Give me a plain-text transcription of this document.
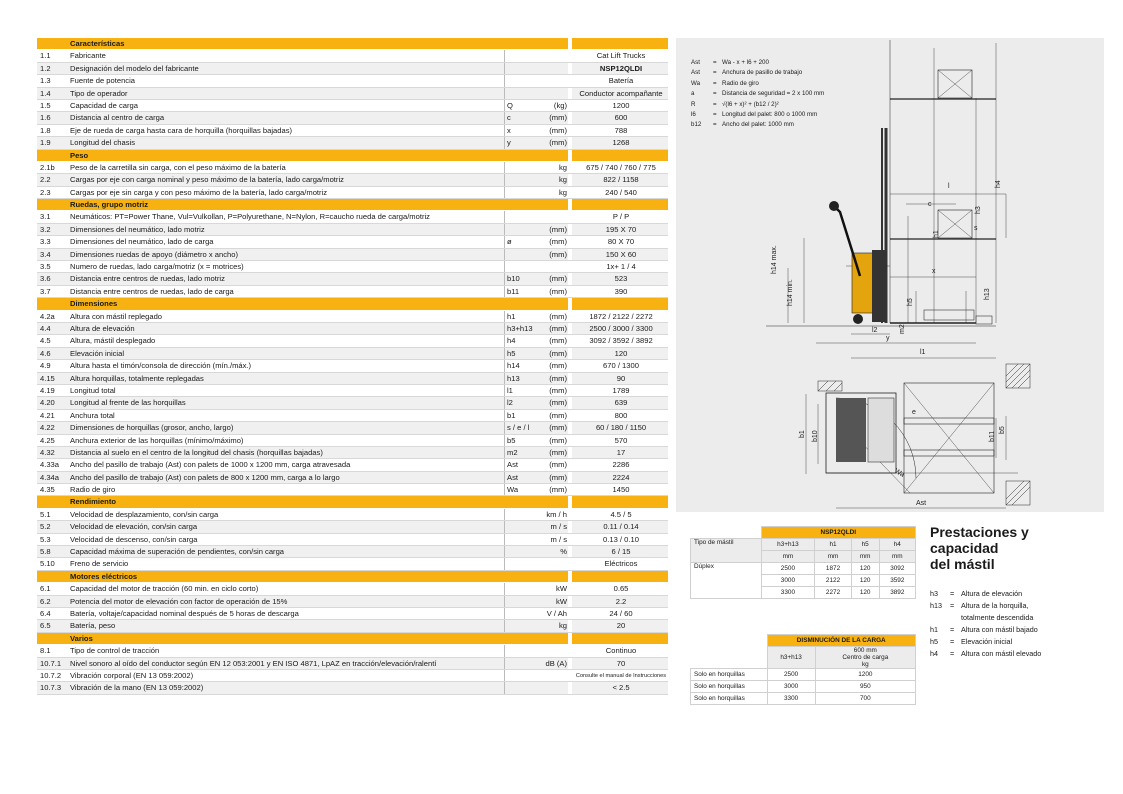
Características
1.1	Fabricante	Cat Lift Trucks
1.2	Designación del modelo del fabricante	NSP12QLDI
1.3	Fuente de potencia	Batería
1.4	Tipo de operador	Conductor acompañante
1.5	Capacidad de carga	Q	(kg)	1200
1.6	Distancia al centro de carga	c	(mm)	600
1.8	Eje de rueda de carga hasta cara de horquilla (horquillas bajadas)	x	(mm)	788
1.9	Longitud del chasis	y	(mm)	1268
Peso
2.1b	Peso de la carretilla sin carga, con el peso máximo de la batería	kg	675 / 740 / 760 / 775
2.2	Cargas por eje con carga nominal y peso máximo de la batería, lado carga/motriz	kg	822 / 1158
2.3	Cargas por eje sin carga y con peso máximo de la batería, lado carga/motriz	kg	240 / 540
Ruedas, grupo motriz
3.1	Neumáticos: PT=Power Thane, Vul=Vulkollan, P=Polyurethane, N=Nylon, R=caucho rueda de carga/motriz	P / P
3.2	Dimensiones del neumático, lado motriz	(mm)	195 X 70
3.3	Dimensiones del neumático, lado de carga	ø	(mm)	80 X 70
3.4	Dimensiones ruedas de apoyo (diámetro x ancho)	(mm)	150 X 60
3.5	Numero de ruedas, lado carga/motriz (x = motrices)	1x+ 1 / 4
3.6	Distancia entre centros de ruedas, lado motriz	b10	(mm)	523
3.7	Distancia entre centros de ruedas, lado de carga	b11	(mm)	390
Dimensiones
4.2a	Altura con mástil replegado	h1	(mm)	1872 / 2122 / 2272
4.4	Altura de elevación	h3+h13	(mm)	2500 / 3000 / 3300
4.5	Altura, mástil desplegado	h4	(mm)	3092 / 3592 / 3892
4.6	Elevación inicial	h5	(mm)	120
4.9	Altura hasta el timón/consola de dirección (mín./máx.)	h14	(mm)	670 / 1300
4.15	Altura horquillas, totalmente replegadas	h13	(mm)	90
4.19	Longitud total	l1	(mm)	1789
4.20	Longitud al frente de las horquillas	l2	(mm)	639
4.21	Anchura total	b1	(mm)	800
4.22	Dimensiones de horquillas (grosor, ancho, largo)	s / e / l	(mm)	60 / 180 / 1150
4.25	Anchura exterior de las horquillas (mínimo/máximo)	b5	(mm)	570
4.32	Distancia al suelo en el centro de la longitud del chasis (horquillas bajadas)	m2	(mm)	17
4.33a	Ancho del pasillo de trabajo (Ast) con palets de 1000 x 1200 mm, carga atravesada	Ast	(mm)	2286
4.34a	Ancho del pasillo de trabajo (Ast) con palets de 800 x 1200 mm, carga a lo largo	Ast	(mm)	2224
4.35	Radio de giro	Wa	(mm)	1450
Rendimiento
5.1	Velocidad de desplazamiento, con/sin carga	km / h	4.5 / 5
5.2	Velocidad de elevación, con/sin carga	m / s	0.11 / 0.14
5.3	Velocidad de descenso, con/sin carga	m / s	0.13 / 0.10
5.8	Capacidad máxima de superación de pendientes, con/sin carga	%	6 / 15
5.10	Freno de servicio	Eléctricos
Motores eléctricos
6.1	Capacidad del motor de tracción (60 min. en ciclo corto)	kW	0.65
6.2	Potencia del motor de elevación con factor de operación de 15%	kW	2.2
6.4	Batería, voltaje/capacidad nominal después de 5 horas de descarga	V / Ah	24 / 60
6.5	Batería, peso	kg	20
Varios
8.1	Tipo de control de tracción	Continuo
10.7.1	Nivel sonoro al oído del conductor según EN 12 053:2001 y EN ISO 4871, LpAZ en tracción/elevación/ralentí	dB (A)	70
10.7.2	Vibración corporal (EN 13 059:2002)	Consulte el manual de Instrucciones
10.7.3	Vibración de la mano (EN 13 059:2002)	< 2.5
h4
h3
h1
h14 max.
h14 min.
l
c
s
x
h5
h13
m2
y
l2
l1
b1 b10	b11
b5
e
Wa
Ast
Ast = Wa - x + l6 + 200
Ast = Anchura de pasillo de trabajo
Wa = Radio de giro
a	= Distancia de seguridad = 2 x 100 mm
R	= √(l6 + x)² + (b12 / 2)²
l6	= Longitud del palet: 800 o 1000 mm
b12 = Ancho del palet: 1000 mm
	NSP12QLDI			
Tipo de mástil	h3+h13	h1	h5	h4
	mm	mm	mm	mm
Dúplex	2500	1872	120	3092
	3000	2122	120	3592
	3300	2272	120	3892
	DISMINUCIÓN DE LA CARGA	
	h3+h13	600 mm
Centro de carga
kg

Solo en horquillas	2500	1200
Solo en horquillas	3000	950
Solo en horquillas	3300	700
Prestaciones y
capacidad
del mástil
h3 = Altura de elevación
h13 = Altura de la horquilla,
totalmente descendida
h1 = Altura con mástil bajado
h5 = Elevación inicial
h4 = Altura con mástil elevado
